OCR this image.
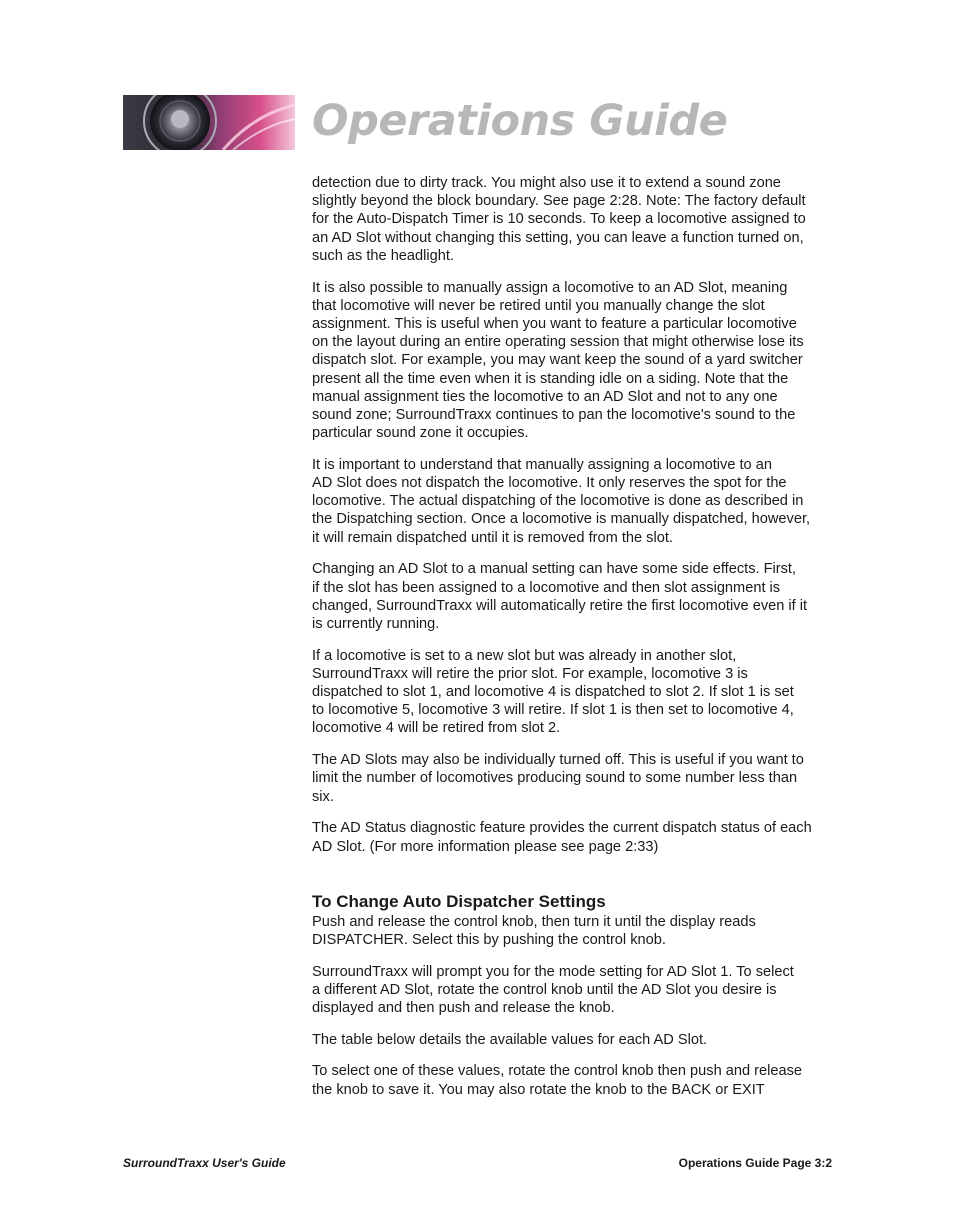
Operations Guide

detection due to dirty track. You might also use it to extend a sound zone
slightly beyond the block boundary. See page 2:28. Note: The factory default
for the Auto-Dispatch Timer is 10 seconds. To keep a locomotive assigned to
an AD Slot without changing this setting, you can leave a function turned on,
such as the headlight.

It is also possible to manually assign a locomotive to an AD Slot, meaning
that locomotive will never be retired until you manually change the slot
assignment. This is useful when you want to feature a particular locomotive
on the layout during an entire operating session that might otherwise lose its
dispatch slot. For example, you may want keep the sound of a yard switcher
present all the time even when it is standing idle on a siding. Note that the
manual assignment ties the locomotive to an AD Slot and not to any one
sound zone; SurroundTraxx continues to pan the locomotive's sound to the
particular sound zone it occupies.

It is important to understand that manually assigning a locomotive to an
AD Slot does not dispatch the locomotive. It only reserves the spot for the
locomotive. The actual dispatching of the locomotive is done as described in
the Dispatching section. Once a locomotive is manually dispatched, however,
it will remain dispatched until it is removed from the slot.

Changing an AD Slot to a manual setting can have some side effects. First,
if the slot has been assigned to a locomotive and then slot assignment is
changed, SurroundTraxx will automatically retire the first locomotive even if it
is currently running.

If a locomotive is set to a new slot but was already in another slot,
SurroundTraxx will retire the prior slot. For example, locomotive 3 is
dispatched to slot 1, and locomotive 4 is dispatched to slot 2. If slot 1 is set
to locomotive 5, locomotive 3 will retire. If slot 1 is then set to locomotive 4,
locomotive 4 will be retired from slot 2.

The AD Slots may also be individually turned off. This is useful if you want to
limit the number of locomotives producing sound to some number less than
six.

The AD Status diagnostic feature provides the current dispatch status of each
AD Slot. (For more information please see page 2:33)

To Change Auto Dispatcher Settings

Push and release the control knob, then turn it until the display reads
DISPATCHER. Select this by pushing the control knob.

SurroundTraxx will prompt you for the mode setting for AD Slot 1. To select
a different AD Slot, rotate the control knob until the AD Slot you desire is
displayed and then push and release the knob.

The table below details the available values for each AD Slot.

To select one of these values, rotate the control knob then push and release
the knob to save it. You may also rotate the knob to the BACK or EXIT

SurroundTraxx User's Guide	Operations Guide Page 3:2
